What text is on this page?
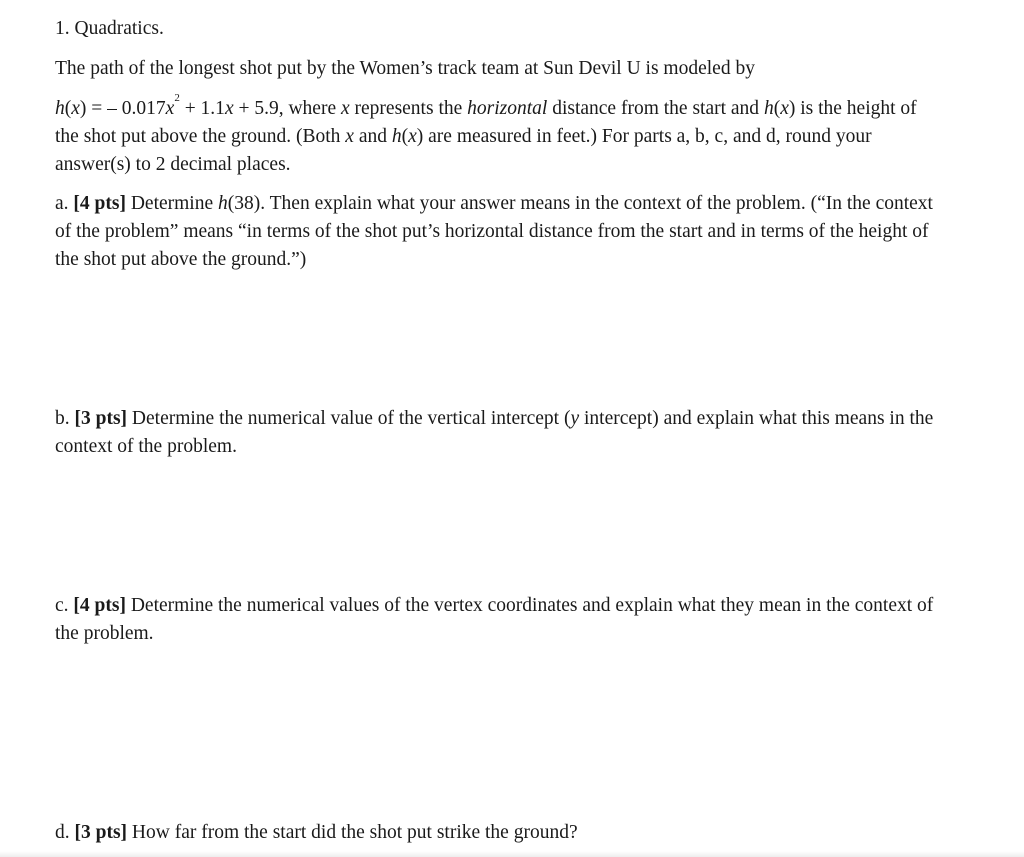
1. Quadratics.

The path of the longest shot put by the Women’s track team at Sun Devil U is modeled by

h(x) = – $0.017x^2 + 1.1x + 5.9$, where x represents the horizontal distance from the start and h(x) is the height of the shot put above the ground. (Both x and h(x) are measured in feet.) For parts a, b, c, and d, round your answer(s) to 2 decimal places.

a. [4 pts] Determine h(38). Then explain what your answer means in the context of the problem. (“In the context of the problem” means “in terms of the shot put’s horizontal distance from the start and in terms of the height of the shot put above the ground.”)

b. [3 pts] Determine the numerical value of the vertical intercept (y intercept) and explain what this means in the context of the problem.

c. [4 pts] Determine the numerical values of the vertex coordinates and explain what they mean in the context of the problem.

d. [3 pts] How far from the start did the shot put strike the ground?
